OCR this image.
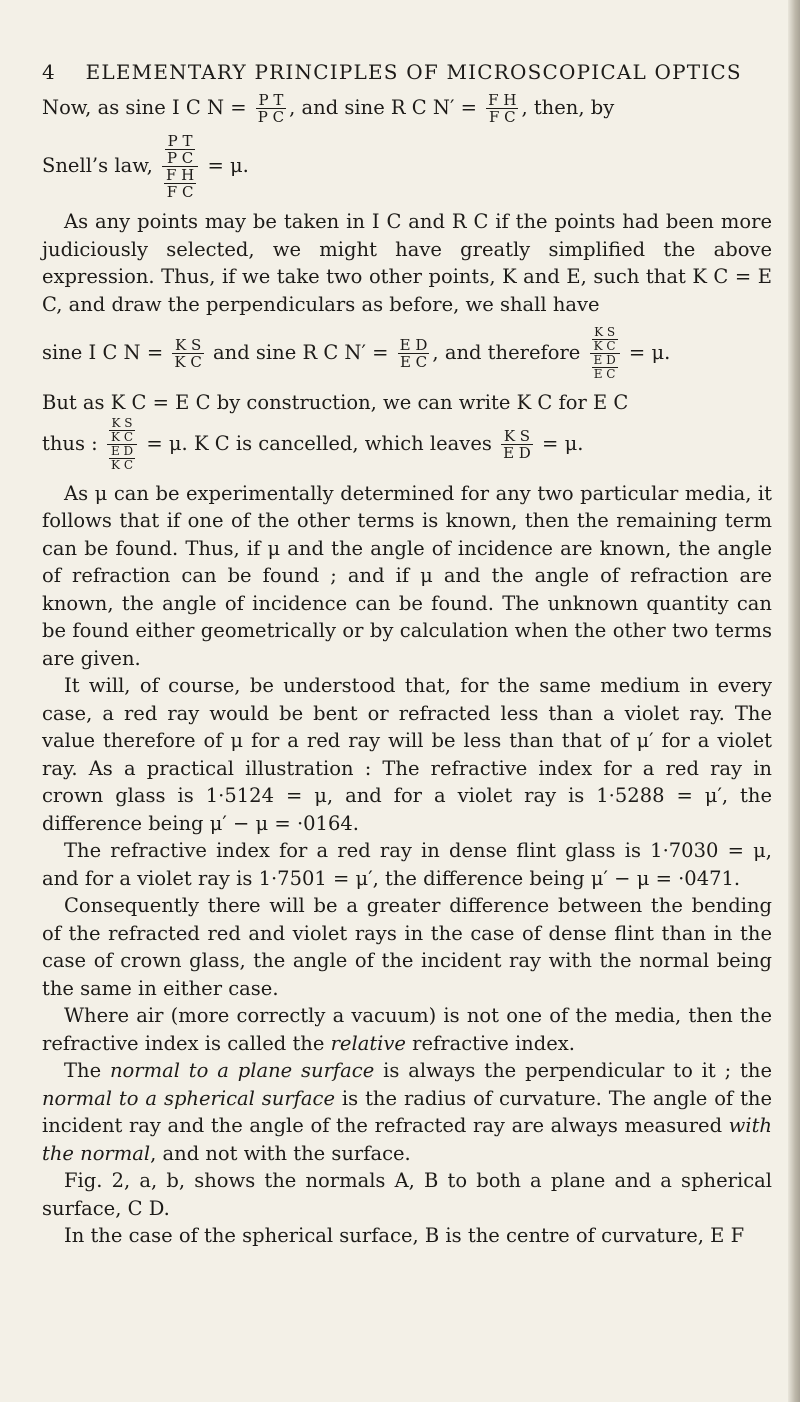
4 ELEMENTARY PRINCIPLES OF MICROSCOPICAL OPTICS

Now, as sine I C $N = \frac{\text{P T}}{\text{P C}}$ , and sine R C $N' = \frac{\text{F H}}{\text{F C}}$ , then, by

Snell’s law, $\frac{\frac{\text{P T}}{\text{P C}}}{\frac{\text{F H}}{\text{F C}}} = \mu$.

As any points may be taken in I C and R C if the points had been more judiciously selected, we might have greatly simplified the above expression. Thus, if we take two other points, K and E, such that K C = E C, and draw the perpendiculars as before, we shall have

sine I C $N = \frac{\text{K S}}{\text{K C}}$ and sine R C $N' = \frac{\text{E D}}{\text{E C}}$ , and therefore $\frac{\frac{\text{K S}}{\text{K C}}}{\frac{\text{E D}}{\text{E C}}} = \mu$.

But as K C = E C by construction, we can write K C for E C

thus : $\frac{\frac{\text{K S}}{\text{K C}}}{\frac{\text{E D}}{\text{K C}}} = \mu$. K C is cancelled, which leaves $\frac{\text{K S}}{\text{E D}} = \mu$.

As μ can be experimentally determined for any two particular media, it follows that if one of the other terms is known, then the remaining term can be found. Thus, if μ and the angle of incidence are known, the angle of refraction can be found ; and if μ and the angle of refraction are known, the angle of incidence can be found. The unknown quantity can be found either geometrically or by calculation when the other two terms are given.

It will, of course, be understood that, for the same medium in every case, a red ray would be bent or refracted less than a violet ray. The value therefore of μ for a red ray will be less than that of μ′ for a violet ray. As a practical illustration : The refractive index for a red ray in crown glass is 1·5124 = μ, and for a violet ray is 1·5288 = μ′, the difference being μ′ − μ = ·0164.

The refractive index for a red ray in dense flint glass is 1·7030 = μ, and for a violet ray is 1·7501 = μ′, the difference being μ′ − μ = ·0471.

Consequently there will be a greater difference between the bending of the refracted red and violet rays in the case of dense flint than in the case of crown glass, the angle of the incident ray with the normal being the same in either case.

Where air (more correctly a vacuum) is not one of the media, then the refractive index is called the relative refractive index.

The normal to a plane surface is always the perpendicular to it ; the normal to a spherical surface is the radius of curvature. The angle of the incident ray and the angle of the refracted ray are always measured with the normal, and not with the surface.

Fig. 2, a, b, shows the normals A, B to both a plane and a spherical surface, C D.

In the case of the spherical surface, B is the centre of curvature, E F
